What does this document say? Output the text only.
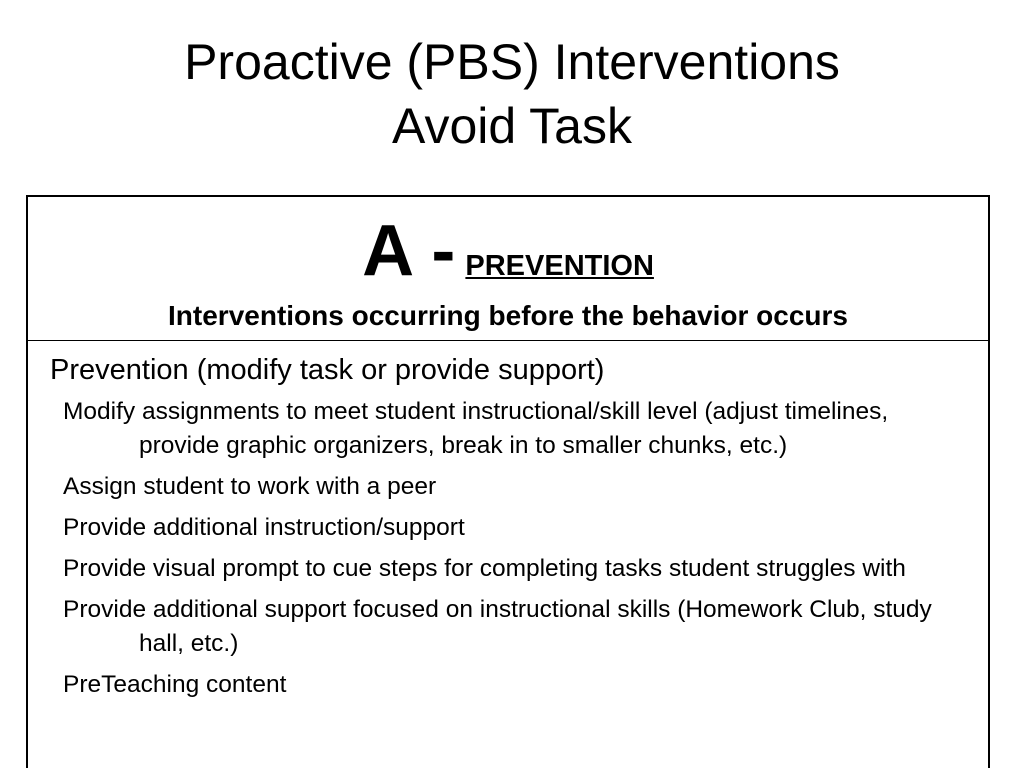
Proactive (PBS) Interventions
Avoid Task
A - PREVENTION
Interventions occurring before the behavior occurs
Prevention (modify task or provide support)
Modify assignments to meet student instructional/skill level (adjust timelines, provide graphic organizers, break in to smaller chunks, etc.)
Assign student to work with a peer
Provide additional instruction/support
Provide visual prompt to cue steps for completing tasks student struggles with
Provide additional support focused on instructional skills (Homework Club, study hall, etc.)
PreTeaching content
